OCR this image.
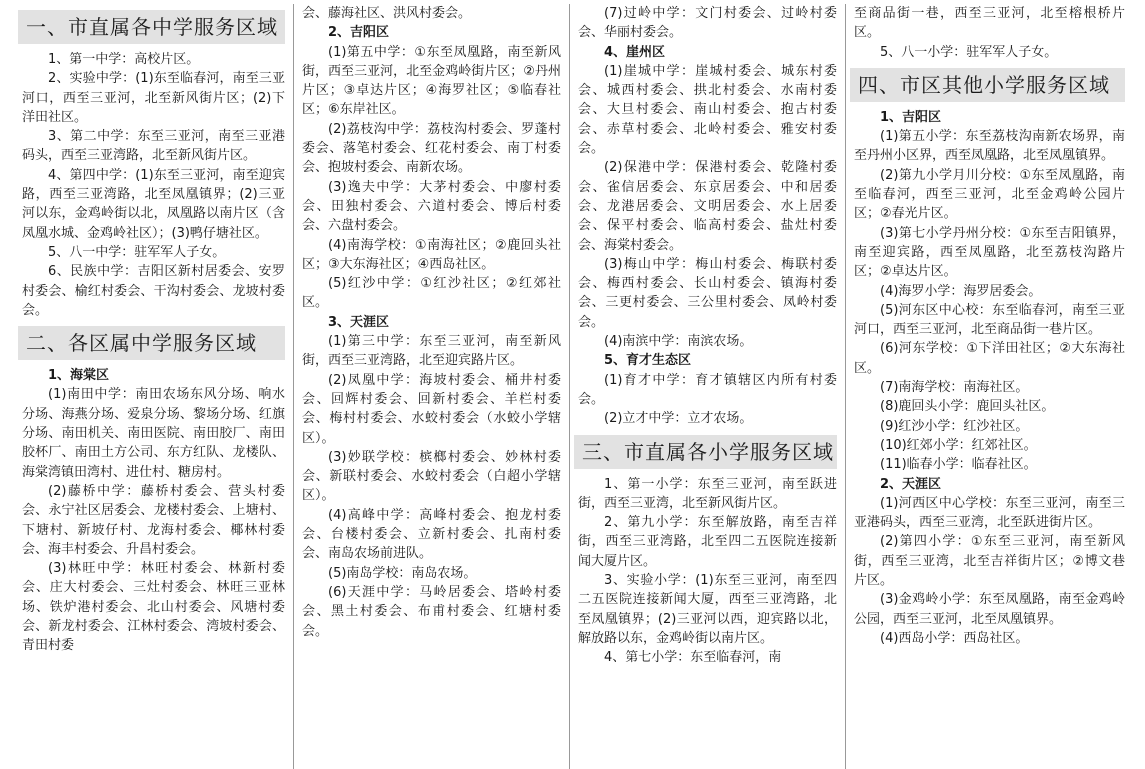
一、市直属各中学服务区域

1、第一中学：高校片区。

2、实验中学：(1)东至临春河，南至三亚河口，西至三亚河，北至新风街片区；(2)下洋田社区。

3、第二中学：东至三亚河，南至三亚港码头，西至三亚湾路，北至新风街片区。

4、第四中学：(1)东至三亚河，南至迎宾路，西至三亚湾路，北至凤凰镇界；(2)三亚河以东，金鸡岭街以北，凤凰路以南片区（含凤凰水城、金鸡岭社区）；(3)鸭仔塘社区。

5、八一中学：驻军军人子女。

6、民族中学：吉阳区新村居委会、安罗村委会、榆红村委会、干沟村委会、龙坡村委会。

二、各区属中学服务区域

1、海棠区

(1)南田中学：南田农场东风分场、响水分场、海燕分场、爱泉分场、黎场分场、红旗分场、南田机关、南田医院、南田胶厂、南田胶杯厂、南田土方公司、东方红队、龙楼队、海棠湾镇田湾村、进仕村、糖房村。

(2)藤桥中学：藤桥村委会、营头村委会、永宁社区居委会、龙楼村委会、上塘村、下塘村、新坡仔村、龙海村委会、椰林村委会、海丰村委会、升昌村委会。

(3)林旺中学：林旺村委会、林新村委会、庄大村委会、三灶村委会、林旺三亚林场、铁炉港村委会、北山村委会、风塘村委会、新龙村委会、江林村委会、湾坡村委会、青田村委

会、藤海社区、洪风村委会。

2、吉阳区

(1)第五中学：①东至凤凰路，南至新风街，西至三亚河，北至金鸡岭街片区；②丹州片区；③卓达片区；④海罗社区；⑤临春社区；⑥东岸社区。

(2)荔枝沟中学：荔枝沟村委会、罗蓬村委会、落笔村委会、红花村委会、南丁村委会、抱坡村委会、南新农场。

(3)逸夫中学：大茅村委会、中廖村委会、田独村委会、六道村委会、博后村委会、六盘村委会。

(4)南海学校：①南海社区；②鹿回头社区；③大东海社区；④西岛社区。

(5)红沙中学：①红沙社区；②红郊社区。

3、天涯区

(1)第三中学：东至三亚河，南至新风街，西至三亚湾路，北至迎宾路片区。

(2)凤凰中学：海坡村委会、桶井村委会、回辉村委会、回新村委会、羊栏村委会、梅村村委会、水蛟村委会（水蛟小学辖区）。

(3)妙联学校：槟榔村委会、妙林村委会、新联村委会、水蛟村委会（白超小学辖区）。

(4)高峰中学：高峰村委会、抱龙村委会、台楼村委会、立新村委会、扎南村委会、南岛农场前进队。

(5)南岛学校：南岛农场。

(6)天涯中学：马岭居委会、塔岭村委会、黑土村委会、布甫村委会、红塘村委会。

(7)过岭中学：文门村委会、过岭村委会、华丽村委会。

4、崖州区

(1)崖城中学：崖城村委会、城东村委会、城西村委会、拱北村委会、水南村委会、大旦村委会、南山村委会、抱古村委会、赤草村委会、北岭村委会、雅安村委会。

(2)保港中学：保港村委会、乾隆村委会、雀信居委会、东京居委会、中和居委会、龙港居委会、文明居委会、水上居委会、保平村委会、临高村委会、盐灶村委会、海棠村委会。

(3)梅山中学：梅山村委会、梅联村委会、梅西村委会、长山村委会、镇海村委会、三更村委会、三公里村委会、凤岭村委会。

(4)南滨中学：南滨农场。

5、育才生态区

(1)育才中学：育才镇辖区内所有村委会。

(2)立才中学：立才农场。

三、市直属各小学服务区域

1、第一小学：东至三亚河，南至跃进街，西至三亚湾，北至新风街片区。

2、第九小学：东至解放路，南至吉祥街，西至三亚湾路，北至四二五医院连接新闻大厦片区。

3、实验小学：(1)东至三亚河，南至四二五医院连接新闻大厦，西至三亚湾路，北至凤凰镇界；(2)三亚河以西，迎宾路以北，解放路以东，金鸡岭街以南片区。

4、第七小学：东至临春河，南

至商品街一巷，西至三亚河，北至榕根桥片区。

5、八一小学：驻军军人子女。

四、市区其他小学服务区域

1、吉阳区

(1)第五小学：东至荔枝沟南新农场界，南至丹州小区界，西至凤凰路，北至凤凰镇界。

(2)第九小学月川分校：①东至凤凰路，南至临春河，西至三亚河，北至金鸡岭公园片区；②春光片区。

(3)第七小学丹州分校：①东至吉阳镇界，南至迎宾路，西至凤凰路，北至荔枝沟路片区；②卓达片区。

(4)海罗小学：海罗居委会。

(5)河东区中心校：东至临春河，南至三亚河口，西至三亚河，北至商品街一巷片区。

(6)河东学校：①下洋田社区；②大东海社区。

(7)南海学校：南海社区。

(8)鹿回头小学：鹿回头社区。

(9)红沙小学：红沙社区。

(10)红郊小学：红郊社区。

(11)临春小学：临春社区。

2、天涯区

(1)河西区中心学校：东至三亚河，南至三亚港码头，西至三亚湾，北至跃进街片区。

(2)第四小学：①东至三亚河，南至新风街，西至三亚湾，北至吉祥街片区；②博文巷片区。

(3)金鸡岭小学：东至凤凰路，南至金鸡岭公园，西至三亚河，北至凤凰镇界。

(4)西岛小学：西岛社区。
